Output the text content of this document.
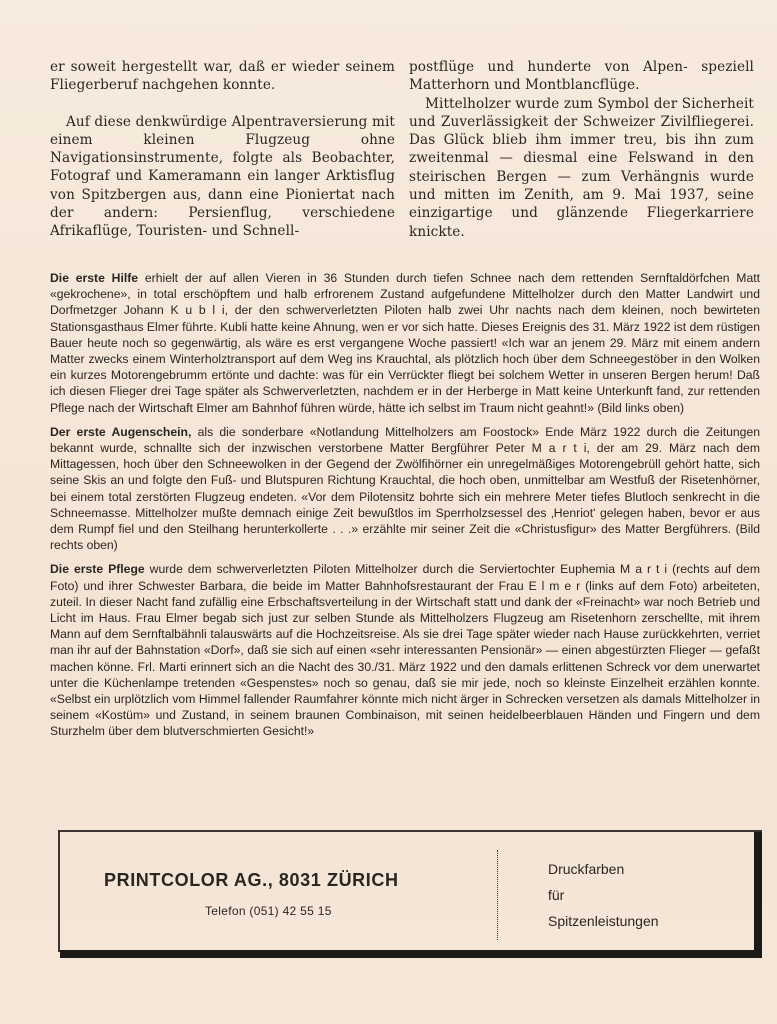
er soweit hergestellt war, daß er wieder seinem Fliegerberuf nachgehen konnte.

Auf diese denkwürdige Alpentraversierung mit einem kleinen Flugzeug ohne Navigationsinstrumente, folgte als Beobachter, Fotograf und Kameramann ein langer Arktisflug von Spitzbergen aus, dann eine Pioniertat nach der andern: Persienflug, verschiedene Afrikaflüge, Touristen- und Schnell-

postflüge und hunderte von Alpen- speziell Matterhorn und Montblancflüge.

Mittelholzer wurde zum Symbol der Sicherheit und Zuverlässigkeit der Schweizer Zivilfliegerei. Das Glück blieb ihm immer treu, bis ihn zum zweitenmal — diesmal eine Felswand in den steirischen Bergen — zum Verhängnis wurde und mitten im Zenith, am 9. Mai 1937, seine einzigartige und glänzende Fliegerkarriere knickte.

Die erste Hilfe erhielt der auf allen Vieren in 36 Stunden durch tiefen Schnee nach dem rettenden Sernftaldörfchen Matt «gekrochene», in total erschöpftem und halb erfrorenem Zustand aufgefundene Mittelholzer durch den Matter Landwirt und Dorfmetzger Johann K u b l i, der den schwerverletzten Piloten halb zwei Uhr nachts nach dem kleinen, noch bewirteten Stationsgasthaus Elmer führte. Kubli hatte keine Ahnung, wen er vor sich hatte. Dieses Ereignis des 31. März 1922 ist dem rüstigen Bauer heute noch so gegenwärtig, als wäre es erst vergangene Woche passiert! «Ich war an jenem 29. März mit einem andern Matter zwecks einem Winterholztransport auf dem Weg ins Krauchtal, als plötzlich hoch über dem Schneegestöber in den Wolken ein kurzes Motorengebrumm ertönte und dachte: was für ein Verrückter fliegt bei solchem Wetter in unseren Bergen herum! Daß ich diesen Flieger drei Tage später als Schwerverletzten, nachdem er in der Herberge in Matt keine Unterkunft fand, zur rettenden Pflege nach der Wirtschaft Elmer am Bahnhof führen würde, hätte ich selbst im Traum nicht geahnt!» (Bild links oben)

Der erste Augenschein, als die sonderbare «Notlandung Mittelholzers am Foostock» Ende März 1922 durch die Zeitungen bekannt wurde, schnallte sich der inzwischen verstorbene Matter Bergführer Peter M a r t i, der am 29. März nach dem Mittagessen, hoch über den Schneewolken in der Gegend der Zwölfihörner ein unregelmäßiges Motorengebrüll gehört hatte, sich seine Skis an und folgte den Fuß- und Blutspuren Richtung Krauchtal, die hoch oben, unmittelbar am Westfuß der Risetenhörner, bei einem total zerstörten Flugzeug endeten. «Vor dem Pilotensitz bohrte sich ein mehrere Meter tiefes Blutloch senkrecht in die Schneemasse. Mittelholzer mußte demnach einige Zeit bewußtlos im Sperrholzsessel des ‚Henriot' gelegen haben, bevor er aus dem Rumpf fiel und den Steilhang herunterkollerte . . .» erzählte mir seiner Zeit die «Christusfigur» des Matter Bergführers. (Bild rechts oben)

Die erste Pflege wurde dem schwerverletzten Piloten Mittelholzer durch die Serviertochter Euphemia M a r t i (rechts auf dem Foto) und ihrer Schwester Barbara, die beide im Matter Bahnhofsrestaurant der Frau E l m e r (links auf dem Foto) arbeiteten, zuteil. In dieser Nacht fand zufällig eine Erbschaftsverteilung in der Wirtschaft statt und dank der «Freinacht» war noch Betrieb und Licht im Haus. Frau Elmer begab sich just zur selben Stunde als Mittelholzers Flugzeug am Risetenhorn zerschellte, mit ihrem Mann auf dem Sernftalbähnli talauswärts auf die Hochzeitsreise. Als sie drei Tage später wieder nach Hause zurückkehrten, verriet man ihr auf der Bahnstation «Dorf», daß sie sich auf einen «sehr interessanten Pensionär» — einen abgestürzten Flieger — gefaßt machen könne. Frl. Marti erinnert sich an die Nacht des 30./31. März 1922 und den damals erlittenen Schreck vor dem unerwartet unter die Küchenlampe tretenden «Gespenstes» noch so genau, daß sie mir jede, noch so kleinste Einzelheit erzählen konnte. «Selbst ein urplötzlich vom Himmel fallender Raumfahrer könnte mich nicht ärger in Schrecken versetzen als damals Mittelholzer in seinem «Kostüm» und Zustand, in seinem braunen Combinaison, mit seinen heidelbeerblauen Händen und Fingern und dem Sturzhelm über dem blutverschmierten Gesicht!»

PRINTCOLOR AG., 8031 ZÜRICH
Telefon (051) 42 55 15
Druckfarben
für
Spitzenleistungen
